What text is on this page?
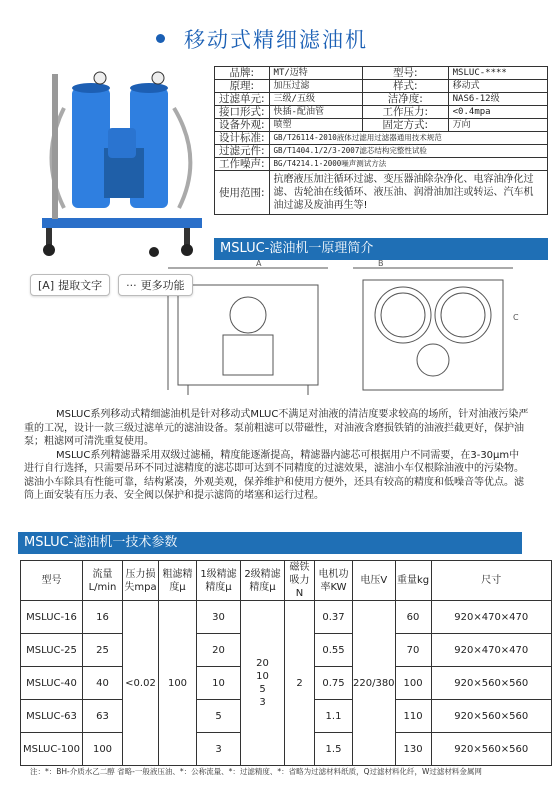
移动式精细滤油机
品牌:	MT/迈特	型号:	MSLUC-****
原理:	加压过滤	样式:	移动式
过滤单元:	三级/五级	洁净度:	NAS6-12级
接口形式:	快插-配油管	工作压力:	<0.4mpa
设备外观:	喷塑	固定方式:	万向
设计标准:	GB/T26114-2010液体过滤用过滤器通用技术规范		
过滤元件:	GB/T1404.1/2/3-2007滤芯结构完整性试验		
工作噪声:	BG/T4214.1-2000噪声测试方法		
使用范围:	抗磨液压加注循环过滤、变压器油除杂净化、电容油净化过滤、齿轮油在线循环、液压油、润滑油加注或转运、汽车机油过滤及废油再生等!		
MSLUC-滤油机一原理简介
A	B
C
[A] 提取文字 ··· 更多功能

MSLUC系列移动式精细滤油机是针对移动式MLUC不满足对油液的清洁度要求较高的场所，针对油液污染严重的工况，设计一款三级过滤单元的滤油设备。泵前粗滤可以带磁性，对油液含磨损铁销的油液拦截更好，保护油泵；粗滤网可清洗重复使用。

MSLUC系列精滤器采用双级过滤桶，精度能逐渐提高，精滤器内滤芯可根据用户不同需要，在3-30μm中进行自行选择，只需要吊环不同过滤精度的滤芯即可达到不同精度的过滤效果，滤油小车仅根除油液中的污染物。滤油小车除具有性能可靠，结构紧凑，外观美观，保养维护和使用方便外，还具有较高的精度和低噪音等优点。滤筒上面安装有压力表、安全阀以保护和提示滤筒的堵塞和运行过程。

MSLUC-滤油机一技术参数
型号	流量L/min	压力损失mpa	粗滤精度μ	1级精滤精度μ	2级精滤精度μ	磁铁吸力N	电机功率KW	电压V	重量kg	尺寸
MSLUC-16	16	<0.02	100	30	20
10
5
3	2	0.37	220/380	60	920×470×470
MSLUC-25	25			20			0.55		70	920×470×470
MSLUC-40	40			10			0.75		100	920×560×560
MSLUC-63	63			5			1.1		110	920×560×560
MSLUC-100	100			3			1.5		130	920×560×560
注：*：BH-介质水乙二醇 省略-一般液压油、*：公称流量、*：过滤精度、*：省略为过滤材料纸质，Q过滤材料化纤，W过滤材料金属网
